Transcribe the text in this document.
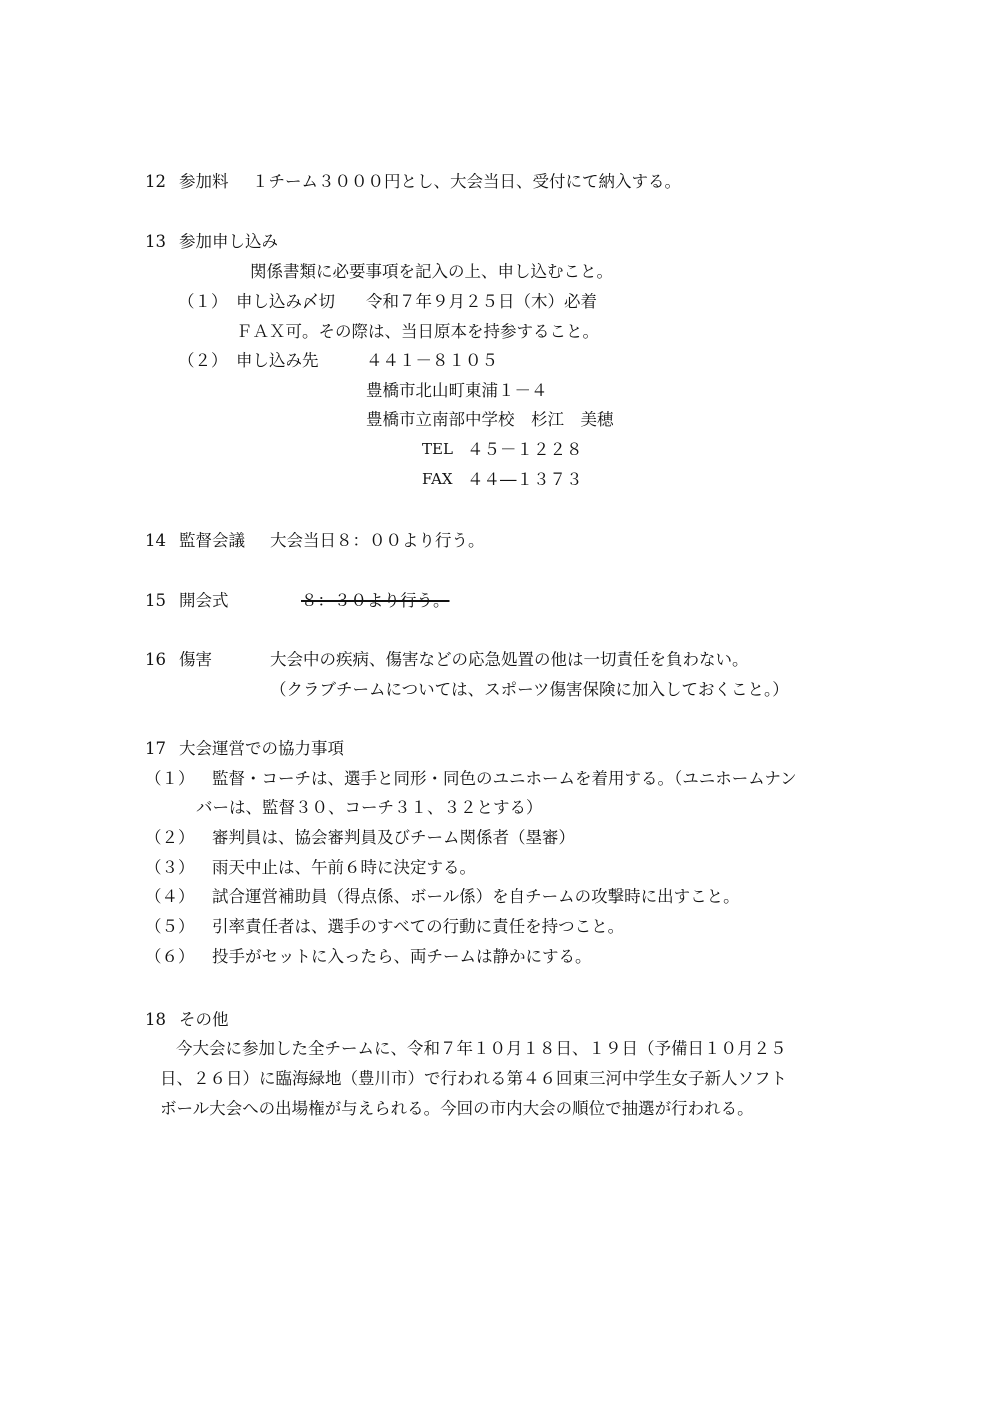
12 参加料 １チーム３０００円とし、大会当日、受付にて納入する。
13 参加申し込み
関係書類に必要事項を記入の上、申し込むこと。
（１） 申し込み〆切 令和７年９月２５日（木）必着
ＦＡＸ可。その際は、当日原本を持参すること。
（２） 申し込み先	４４１－８１０５
豊橋市北山町東浦１－４
豊橋市立南部中学校　杉江　美穂
TEL ４５－１２２８
FAX ４４―１３７３
14 監督会議 大会当日８：００より行う。
15 開会式	８：３０より行う。
16 傷害	大会中の疾病、傷害などの応急処置の他は一切責任を負わない。
（クラブチームについては、スポーツ傷害保険に加入しておくこと。）
17 大会運営での協力事項
（１） 監督・コーチは、選手と同形・同色のユニホームを着用する。（ユニホームナン
バーは、監督３０、コーチ３１、３２とする）
（２） 審判員は、協会審判員及びチーム関係者（塁審）
（３） 雨天中止は、午前６時に決定する。
（４） 試合運営補助員（得点係、ボール係）を自チームの攻撃時に出すこと。
（５） 引率責任者は、選手のすべての行動に責任を持つこと。
（６） 投手がセットに入ったら、両チームは静かにする。
18 その他
今大会に参加した全チームに、令和７年１０月１８日、１９日（予備日１０月２５
日、２６日）に臨海緑地（豊川市）で行われる第４６回東三河中学生女子新人ソフト
ボール大会への出場権が与えられる。今回の市内大会の順位で抽選が行われる。
